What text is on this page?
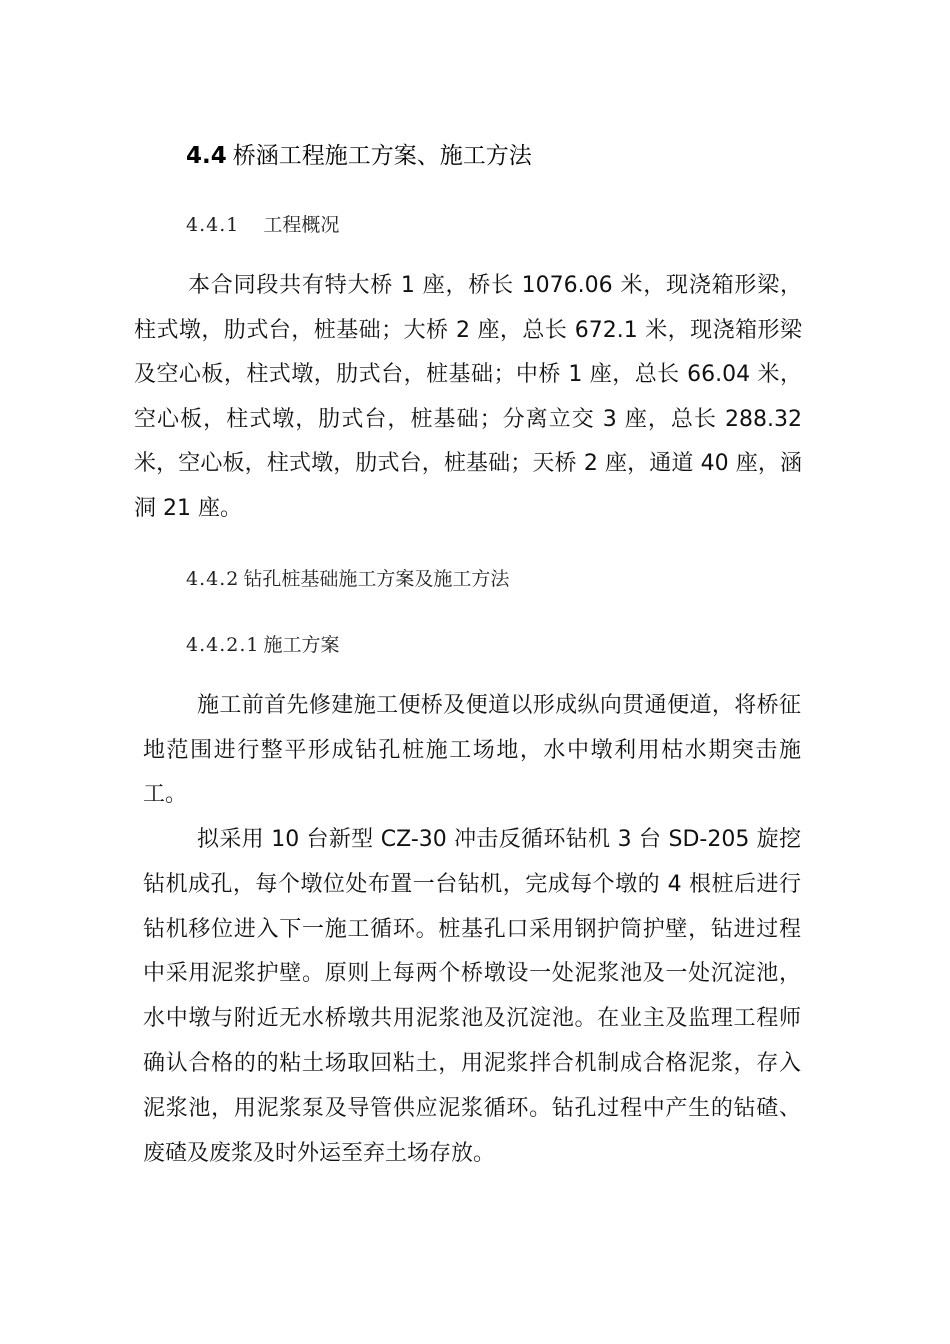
4.4 桥涵工程施工方案、施工方法
4.4.1 工程概况

本合同段共有特大桥 1 座，桥长 1076.06 米，现浇箱形梁，柱式墩，肋式台，桩基础；大桥 2 座，总长 672.1 米，现浇箱形梁及空心板，柱式墩，肋式台，桩基础；中桥 1 座，总长 66.04 米，空心板，柱式墩，肋式台，桩基础；分离立交 3 座，总长 288.32 米，空心板，柱式墩，肋式台，桩基础；天桥 2 座，通道 40 座，涵洞 21 座。

4.4.2 钻孔桩基础施工方案及施工方法
4.4.2.1 施工方案

施工前首先修建施工便桥及便道以形成纵向贯通便道，将桥征地范围进行整平形成钻孔桩施工场地，水中墩利用枯水期突击施工。

拟采用 10 台新型 CZ-30 冲击反循环钻机 3 台 SD-205 旋挖钻机成孔，每个墩位处布置一台钻机，完成每个墩的 4 根桩后进行钻机移位进入下一施工循环。桩基孔口采用钢护筒护壁，钻进过程中采用泥浆护壁。原则上每两个桥墩设一处泥浆池及一处沉淀池，水中墩与附近无水桥墩共用泥浆池及沉淀池。在业主及监理工程师确认合格的的粘土场取回粘土，用泥浆拌合机制成合格泥浆，存入泥浆池，用泥浆泵及导管供应泥浆循环。钻孔过程中产生的钻碴、废碴及废浆及时外运至弃土场存放。
